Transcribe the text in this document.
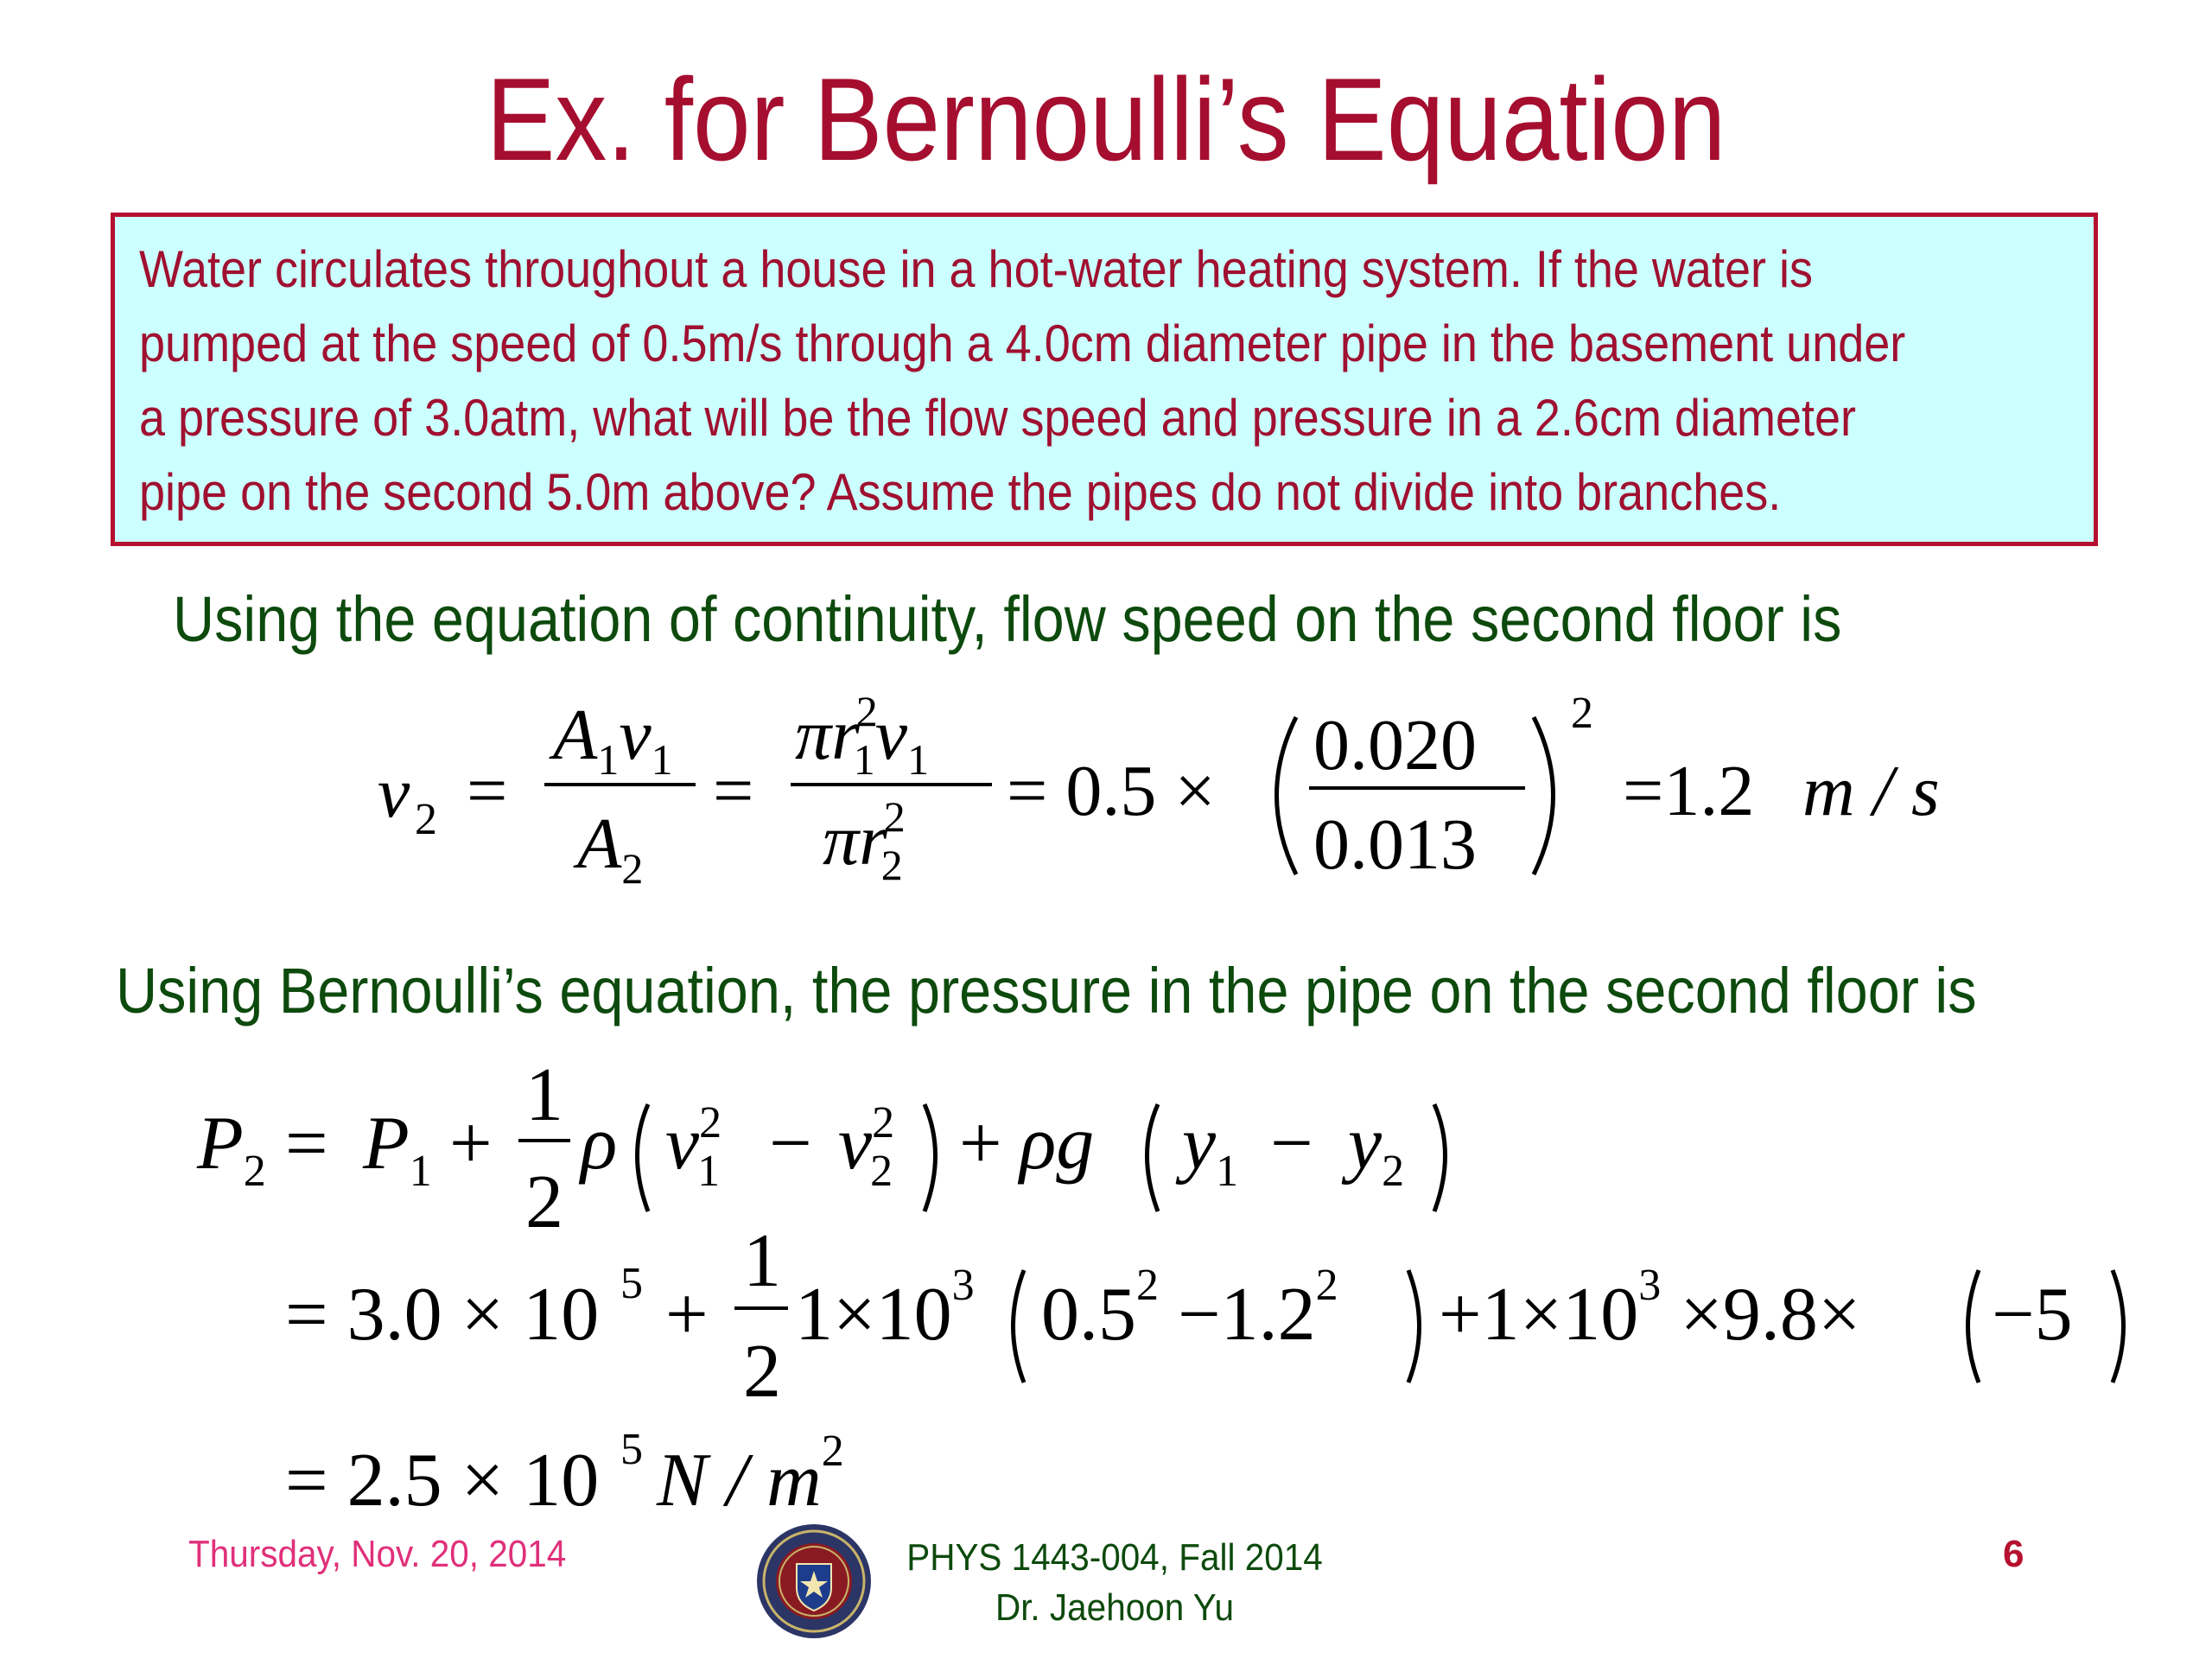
Ex. for Bernoulli’s Equation
Water circulates throughout a house in a hot-water heating system. If the water is
pumped at the speed of 0.5m/s through a 4.0cm diameter pipe in the basement under
a pressure of 3.0atm, what will be the flow speed and pressure in a 2.6cm diameter
pipe on the second 5.0m above? Assume the pipes do not divide into branches.
Using the equation of continuity, flow speed on the second floor is
v 2 =
$A_1v_1$
$A_2$
=
πr2 $1v_1$
πr2 2
= 0.5 ×
0.020
0.013
2
=1.2 m / s
Using Bernoulli’s equation, the pressure in the pipe on the second floor is
$P_2 = P_1$ +
1
2
ρ $v^2$ $1 - v^2$ 2 + ρg $y_1 - y_2$
= 3.0 × 10 5 +
1
2
$1\times 10^3$ $0.5^2 -1.2^2 +1\times 10^3 \times 9.8\times -5$
= 2.5 × 10 5 N / $m^2$
Thursday, Nov. 20, 2014	PHYS 1443-004, Fall 2014
Dr. Jaehoon Yu
6
